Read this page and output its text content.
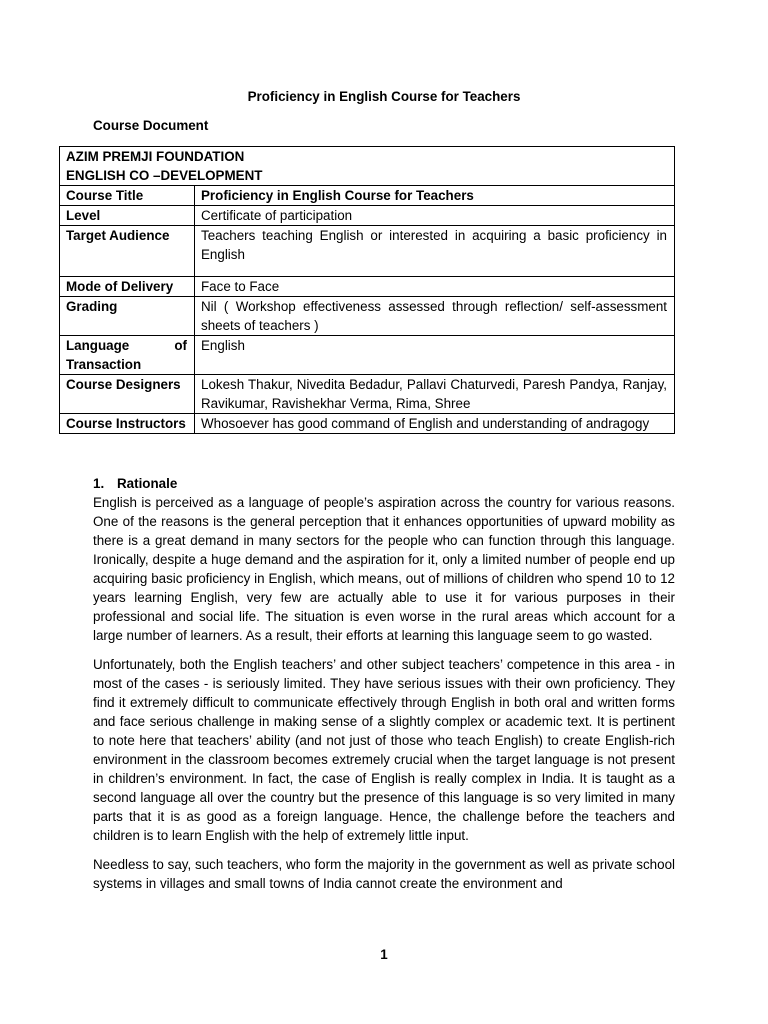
Proficiency in English Course for Teachers
Course Document
AZIM PREMJI FOUNDATION
ENGLISH CO –DEVELOPMENT	

Course Title	Proficiency in English Course for Teachers
Level	Certificate of participation
Target Audience	Teachers teaching English or interested in acquiring a basic proficiency in English
Mode of Delivery	Face to Face
Grading	Nil ( Workshop effectiveness assessed through reflection/ self-assessment sheets of teachers )
Language of Transaction	English
Course Designers	Lokesh Thakur, Nivedita Bedadur, Pallavi Chaturvedi, Paresh Pandya, Ranjay, Ravikumar, Ravishekhar Verma, Rima, Shree
Course Instructors	Whosoever has good command of English and understanding of andragogy
1. Rationale

English is perceived as a language of people’s aspiration across the country for various reasons. One of the reasons is the general perception that it enhances opportunities of upward mobility as there is a great demand in many sectors for the people who can function through this language. Ironically, despite a huge demand and the aspiration for it, only a limited number of people end up acquiring basic proficiency in English, which means, out of millions of children who spend 10 to 12 years learning English, very few are actually able to use it for various purposes in their professional and social life. The situation is even worse in the rural areas which account for a large number of learners. As a result, their efforts at learning this language seem to go wasted.

Unfortunately, both the English teachers’ and other subject teachers’ competence in this area - in most of the cases - is seriously limited. They have serious issues with their own proficiency. They find it extremely difficult to communicate effectively through English in both oral and written forms and face serious challenge in making sense of a slightly complex or academic text. It is pertinent to note here that teachers’ ability (and not just of those who teach English) to create English-rich environment in the classroom becomes extremely crucial when the target language is not present in children’s environment. In fact, the case of English is really complex in India. It is taught as a second language all over the country but the presence of this language is so very limited in many parts that it is as good as a foreign language. Hence, the challenge before the teachers and children is to learn English with the help of extremely little input.

Needless to say, such teachers, who form the majority in the government as well as private school systems in villages and small towns of India cannot create the environment and

1
